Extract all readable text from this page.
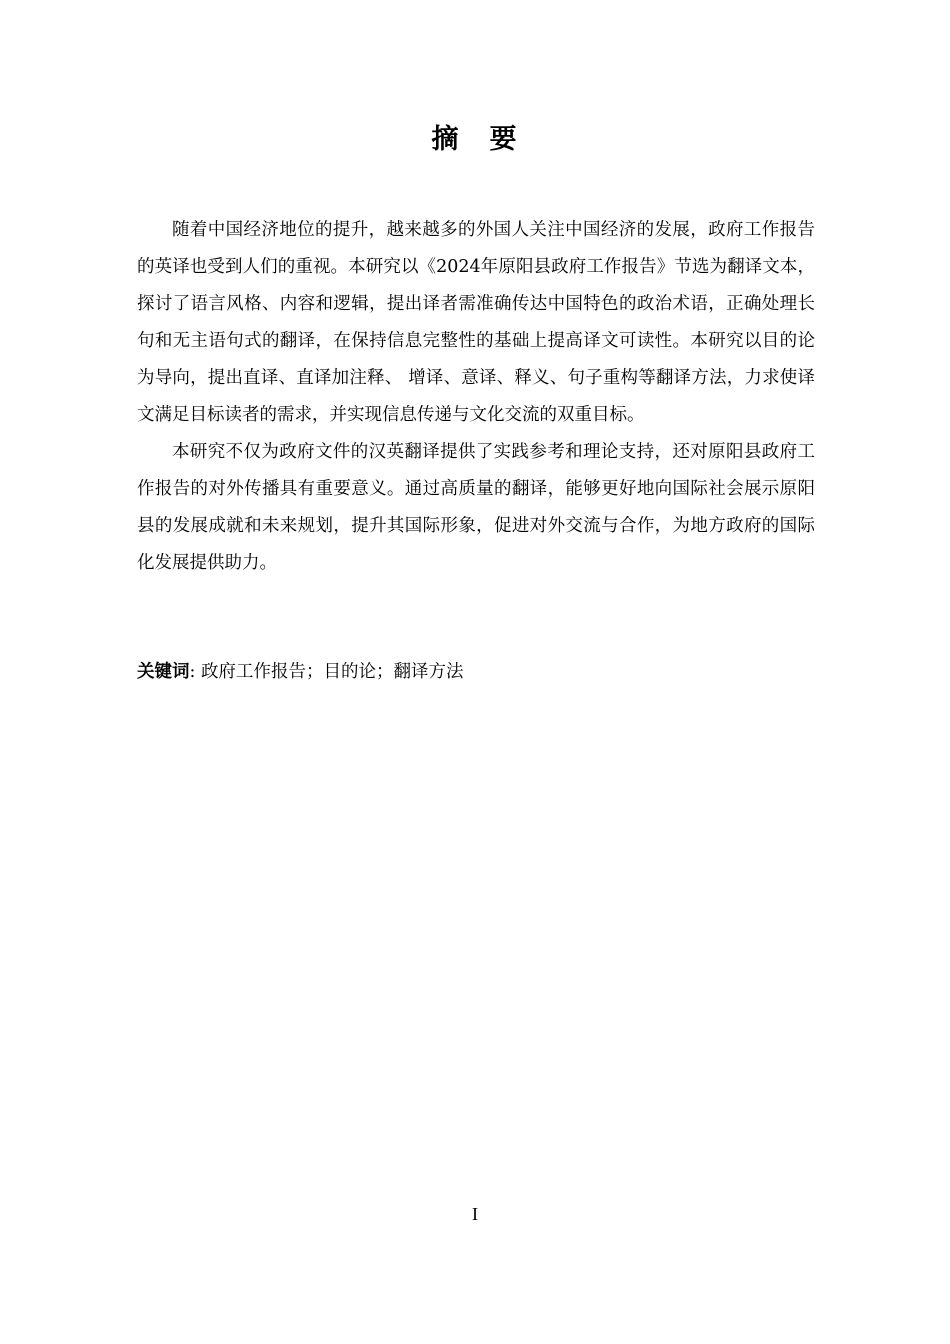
摘　要

随着中国经济地位的提升，越来越多的外国人关注中国经济的发展，政府工作报告的英译也受到人们的重视。本研究以《2024年原阳县政府工作报告》节选为翻译文本，探讨了语言风格、内容和逻辑，提出译者需准确传达中国特色的政治术语，正确处理长句和无主语句式的翻译，在保持信息完整性的基础上提高译文可读性。本研究以目的论为导向，提出直译、直译加注释、 增译、意译、释义、句子重构等翻译方法，力求使译文满足目标读者的需求，并实现信息传递与文化交流的双重目标。

本研究不仅为政府文件的汉英翻译提供了实践参考和理论支持，还对原阳县政府工作报告的对外传播具有重要意义。通过高质量的翻译，能够更好地向国际社会展示原阳县的发展成就和未来规划，提升其国际形象，促进对外交流与合作，为地方政府的国际化发展提供助力。

关键词: 政府工作报告；目的论；翻译方法
I
